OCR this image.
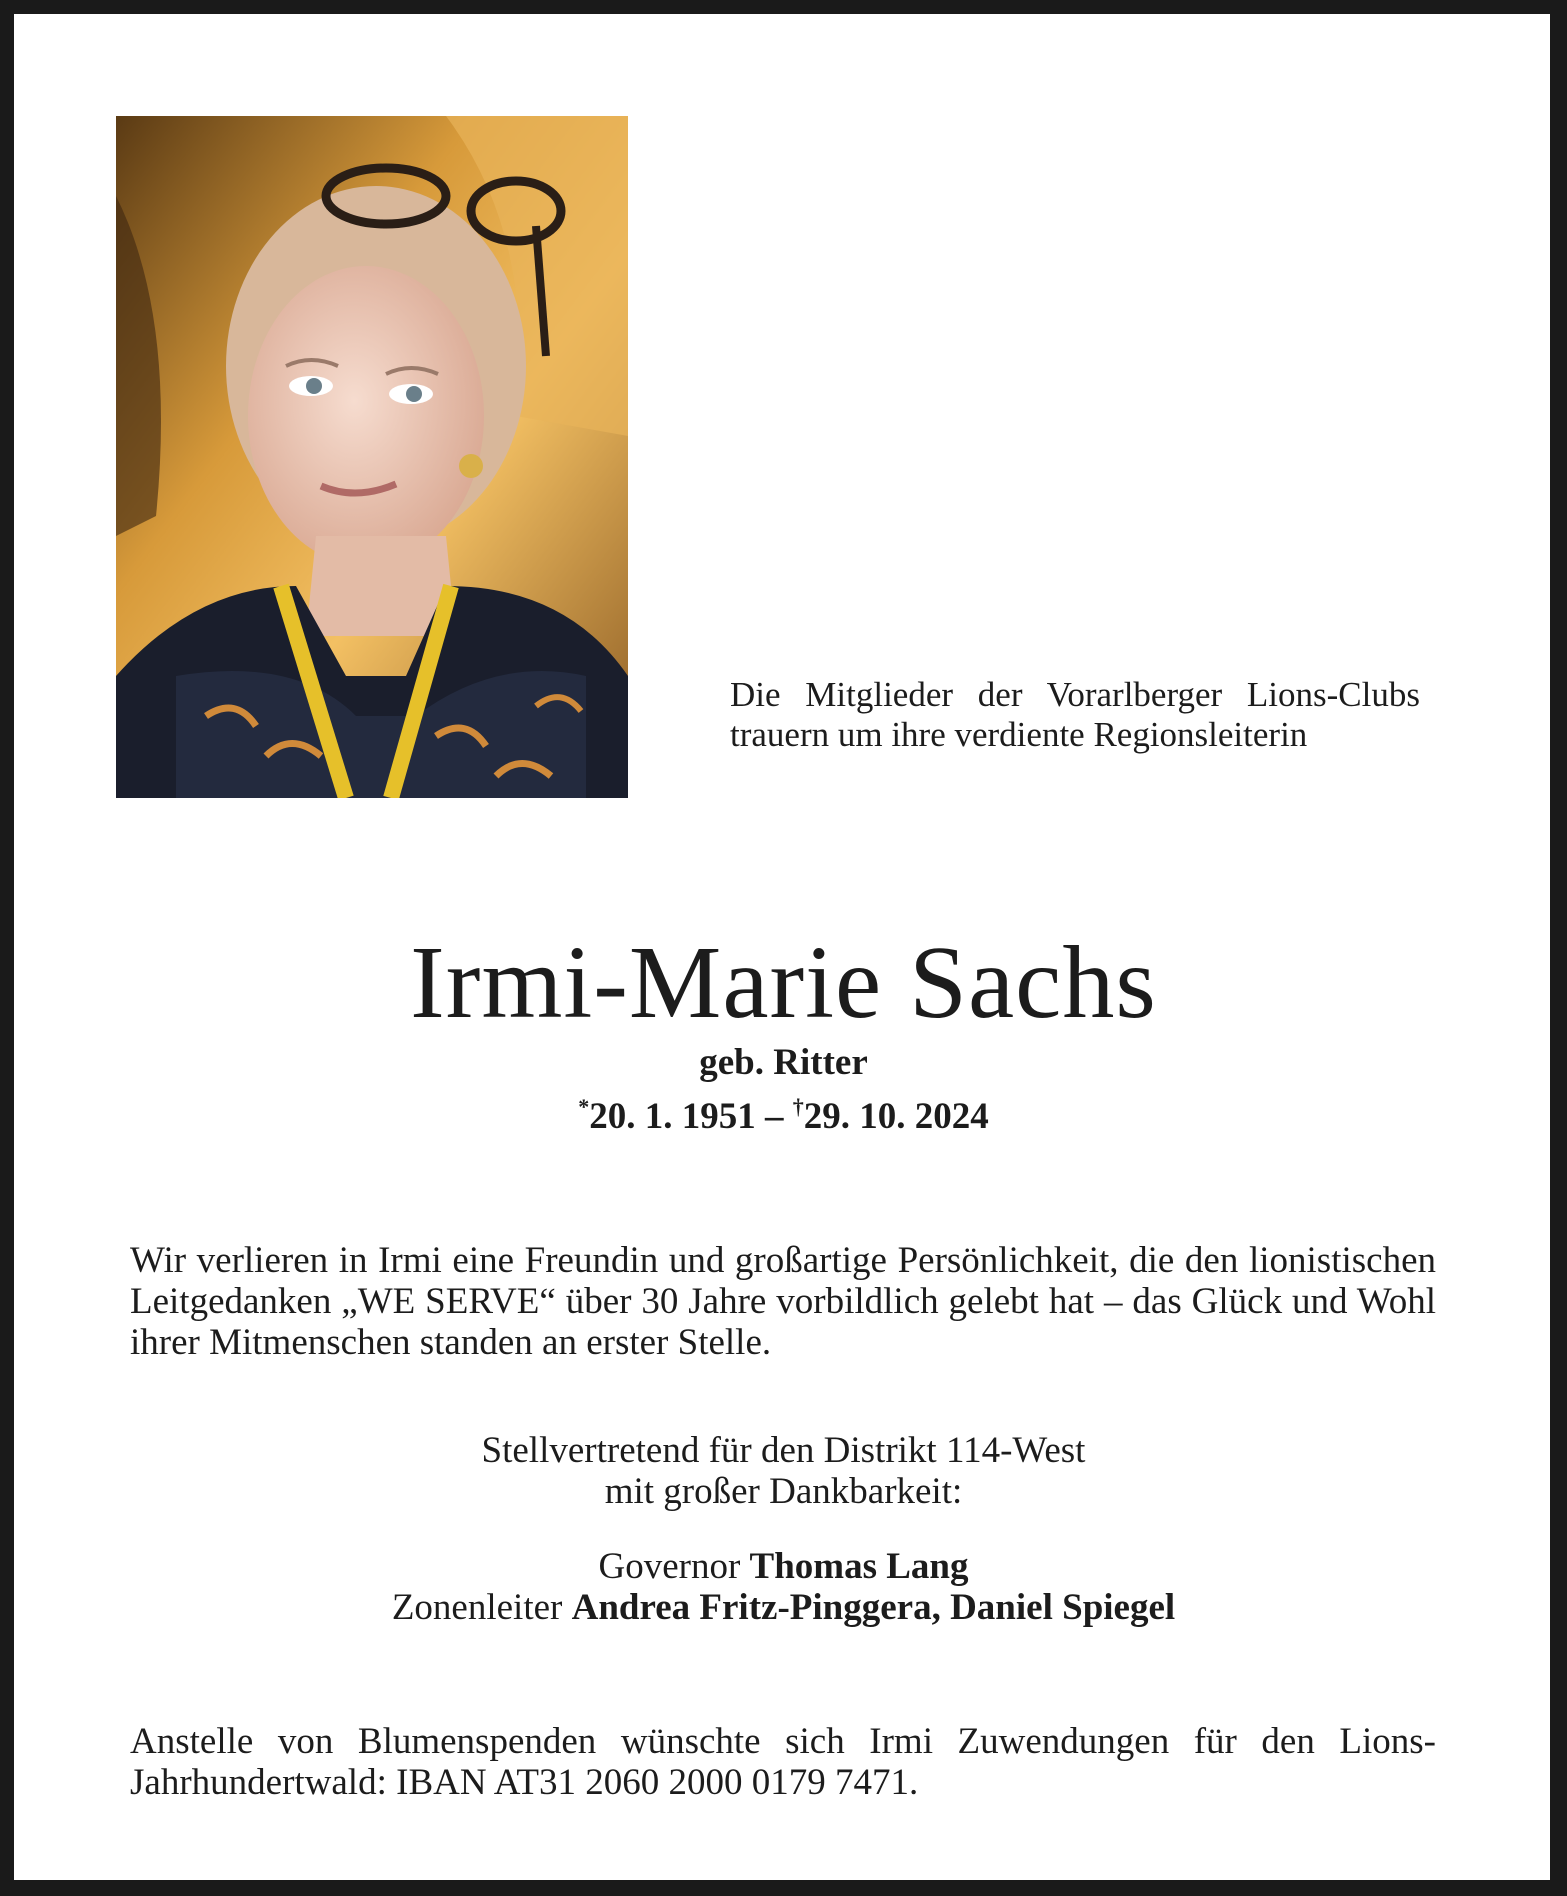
Die Mitglieder der Vorarlberger Lions-Clubs trauern um ihre verdiente Regionsleiterin
Irmi-Marie Sachs
geb. Ritter
*20. 1. 1951 – †29. 10. 2024
Wir verlieren in Irmi eine Freundin und großartige Persönlichkeit, die den lionistischen Leitgedanken „WE SERVE“ über 30 Jahre vorbildlich gelebt hat – das Glück und Wohl ihrer Mitmenschen standen an erster Stelle.
Stellvertretend für den Distrikt 114-West
mit großer Dankbarkeit:
Governor Thomas Lang
Zonenleiter Andrea Fritz-Pinggera, Daniel Spiegel
Anstelle von Blumenspenden wünschte sich Irmi Zuwendungen für den Lions-Jahrhundertwald: IBAN AT31 2060 2000 0179 7471.
